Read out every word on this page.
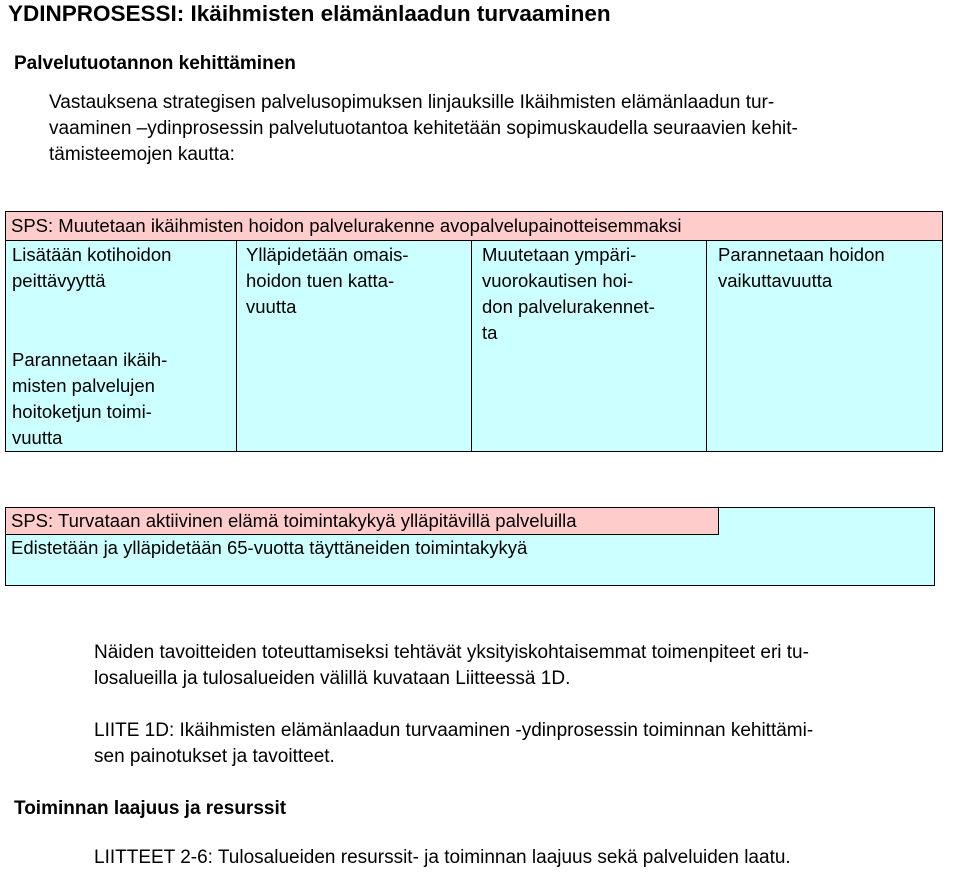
YDINPROSESSI: Ikäihmisten elämänlaadun turvaaminen
Palvelutuotannon kehittäminen
Vastauksena strategisen palvelusopimuksen linjauksille Ikäihmisten elämänlaadun tur-
vaaminen –ydinprosessin palvelutuotantoa kehitetään sopimuskaudella seuraavien kehit-
tämisteemojen kautta:
SPS: Muutetaan ikäihmisten hoidon palvelurakenne avopalvelupainotteisemmaksi
Lisätään kotihoidon
peittävyyttä
Ylläpidetään omais-
hoidon tuen katta-
vuutta
Muutetaan ympäri-
vuorokautisen hoi-
don palvelurakennet-
ta
Parannetaan hoidon
vaikuttavuutta
Parannetaan ikäih-
misten palvelujen
hoitoketjun toimi-
vuutta
SPS: Turvataan aktiivinen elämä toimintakykyä ylläpitävillä palveluilla
Edistetään ja ylläpidetään 65-vuotta täyttäneiden toimintakykyä
Näiden tavoitteiden toteuttamiseksi tehtävät yksityiskohtaisemmat toimenpiteet eri tu-
losalueilla ja tulosalueiden välillä kuvataan Liitteessä 1D.
LIITE 1D: Ikäihmisten elämänlaadun turvaaminen -ydinprosessin toiminnan kehittämi-
sen painotukset ja tavoitteet.
Toiminnan laajuus ja resurssit
LIITTEET 2-6: Tulosalueiden resurssit- ja toiminnan laajuus sekä palveluiden laatu.
